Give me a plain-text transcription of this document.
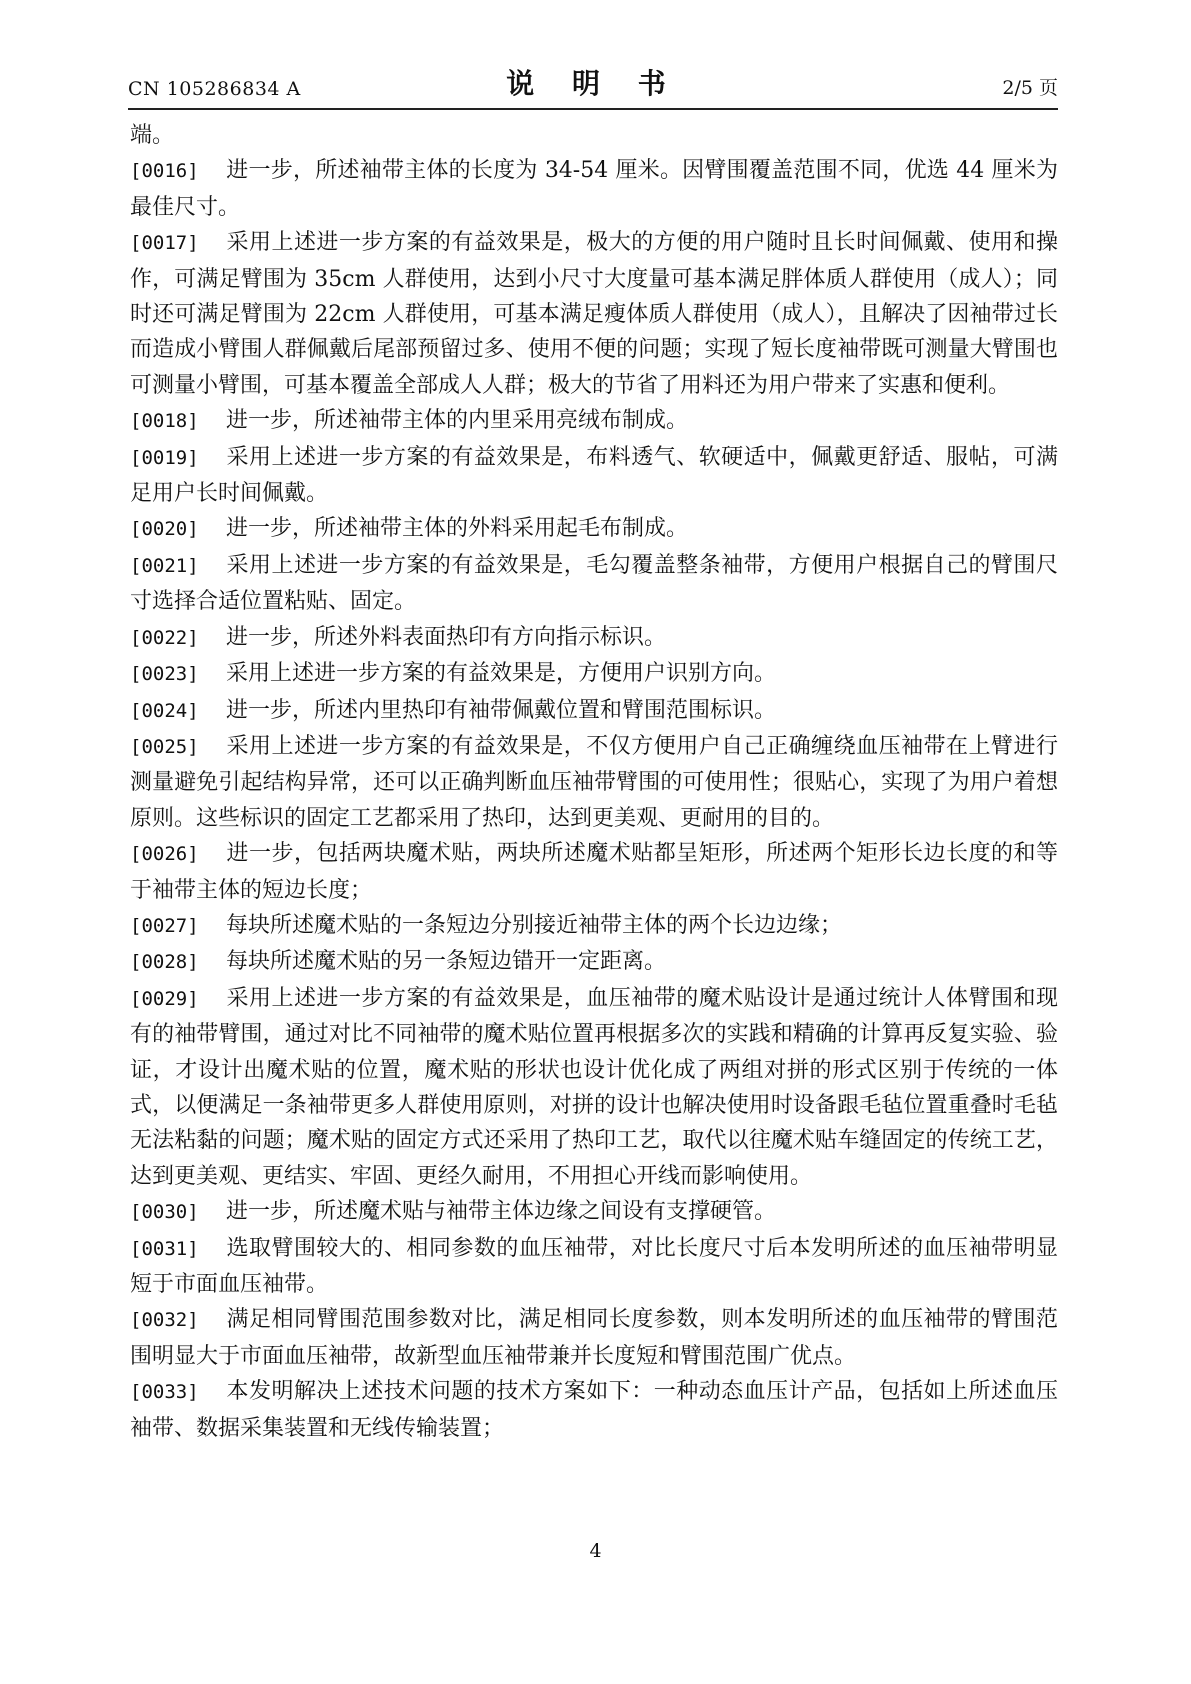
CN 105286834 A	说 明 书	2/5 页

端。

[0016] 进一步，所述袖带主体的长度为 34-54 厘米。因臂围覆盖范围不同，优选 44 厘米为最佳尺寸。

[0017] 采用上述进一步方案的有益效果是，极大的方便的用户随时且长时间佩戴、使用和操作，可满足臂围为 35cm 人群使用，达到小尺寸大度量可基本满足胖体质人群使用（成人）；同时还可满足臂围为 22cm 人群使用，可基本满足瘦体质人群使用（成人），且解决了因袖带过长而造成小臂围人群佩戴后尾部预留过多、使用不便的问题；实现了短长度袖带既可测量大臂围也可测量小臂围，可基本覆盖全部成人人群；极大的节省了用料还为用户带来了实惠和便利。

[0018] 进一步，所述袖带主体的内里采用亮绒布制成。

[0019] 采用上述进一步方案的有益效果是，布料透气、软硬适中，佩戴更舒适、服帖，可满足用户长时间佩戴。

[0020] 进一步，所述袖带主体的外料采用起毛布制成。

[0021] 采用上述进一步方案的有益效果是，毛勾覆盖整条袖带，方便用户根据自己的臂围尺寸选择合适位置粘贴、固定。

[0022] 进一步，所述外料表面热印有方向指示标识。

[0023] 采用上述进一步方案的有益效果是，方便用户识别方向。

[0024] 进一步，所述内里热印有袖带佩戴位置和臂围范围标识。

[0025] 采用上述进一步方案的有益效果是，不仅方便用户自己正确缠绕血压袖带在上臂进行测量避免引起结构异常，还可以正确判断血压袖带臂围的可使用性；很贴心，实现了为用户着想原则。这些标识的固定工艺都采用了热印，达到更美观、更耐用的目的。

[0026] 进一步，包括两块魔术贴，两块所述魔术贴都呈矩形，所述两个矩形长边长度的和等于袖带主体的短边长度；

[0027] 每块所述魔术贴的一条短边分别接近袖带主体的两个长边边缘；

[0028] 每块所述魔术贴的另一条短边错开一定距离。

[0029] 采用上述进一步方案的有益效果是，血压袖带的魔术贴设计是通过统计人体臂围和现有的袖带臂围，通过对比不同袖带的魔术贴位置再根据多次的实践和精确的计算再反复实验、验证，才设计出魔术贴的位置，魔术贴的形状也设计优化成了两组对拼的形式区别于传统的一体式，以便满足一条袖带更多人群使用原则，对拼的设计也解决使用时设备跟毛毡位置重叠时毛毡无法粘黏的问题；魔术贴的固定方式还采用了热印工艺，取代以往魔术贴车缝固定的传统工艺，达到更美观、更结实、牢固、更经久耐用，不用担心开线而影响使用。

[0030] 进一步，所述魔术贴与袖带主体边缘之间设有支撑硬管。

[0031] 选取臂围较大的、相同参数的血压袖带，对比长度尺寸后本发明所述的血压袖带明显短于市面血压袖带。

[0032] 满足相同臂围范围参数对比，满足相同长度参数，则本发明所述的血压袖带的臂围范围明显大于市面血压袖带，故新型血压袖带兼并长度短和臂围范围广优点。

[0033] 本发明解决上述技术问题的技术方案如下：一种动态血压计产品，包括如上所述血压袖带、数据采集装置和无线传输装置；

4
